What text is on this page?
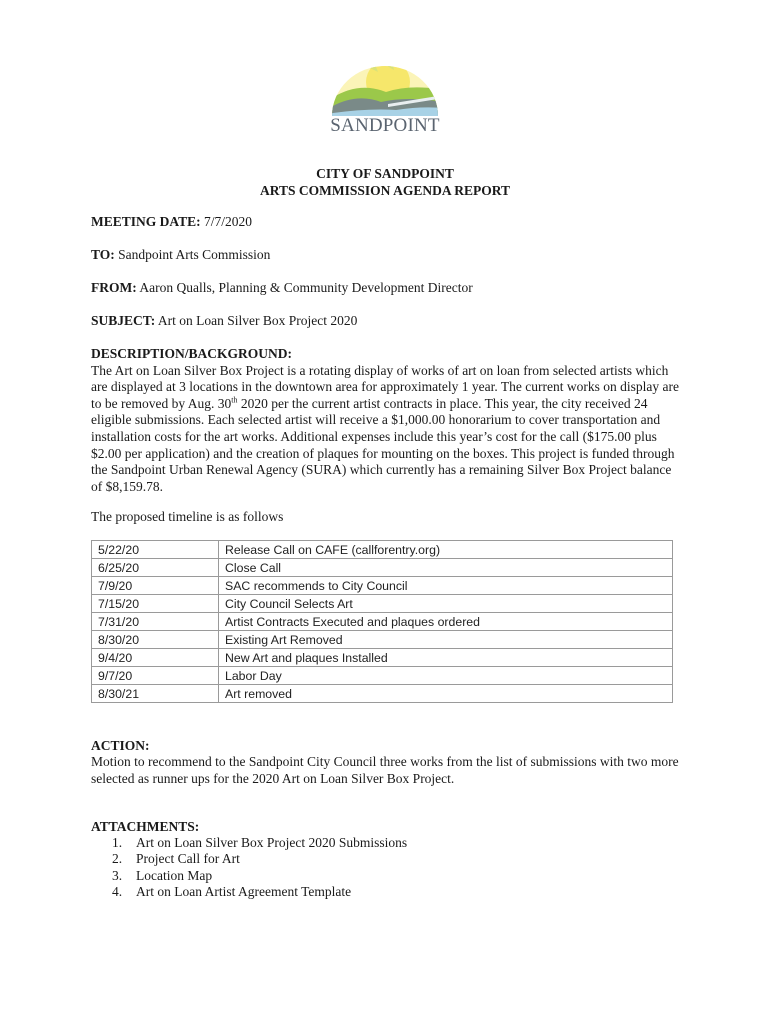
SANDPOINT
CITY OF SANDPOINT
ARTS COMMISSION AGENDA REPORT
MEETING DATE: 7/7/2020
TO: Sandpoint Arts Commission
FROM: Aaron Qualls, Planning & Community Development Director
SUBJECT: Art on Loan Silver Box Project 2020
DESCRIPTION/BACKGROUND:
The Art on Loan Silver Box Project is a rotating display of works of art on loan from selected artists which are displayed at 3 locations in the downtown area for approximately 1 year. The current works on display are to be removed by Aug. 30th 2020 per the current artist contracts in place. This year, the city received 24 eligible submissions. Each selected artist will receive a $1,000.00 honorarium to cover transportation and installation costs for the art works. Additional expenses include this year’s cost for the call ($175.00 plus $2.00 per application) and the creation of plaques for mounting on the boxes. This project is funded through the Sandpoint Urban Renewal Agency (SURA) which currently has a remaining Silver Box Project balance of $8,159.78.
The proposed timeline is as follows
5/22/20	Release Call on CAFE (callforentry.org)
6/25/20	Close Call
7/9/20	SAC recommends to City Council
7/15/20	City Council Selects Art
7/31/20	Artist Contracts Executed and plaques ordered
8/30/20	Existing Art Removed
9/4/20	New Art and plaques Installed
9/7/20	Labor Day
8/30/21	Art removed
ACTION:
Motion to recommend to the Sandpoint City Council three works from the list of submissions with two more selected as runner ups for the 2020 Art on Loan Silver Box Project.
ATTACHMENTS:
1. Art on Loan Silver Box Project 2020 Submissions
2. Project Call for Art
3. Location Map
4. Art on Loan Artist Agreement Template
